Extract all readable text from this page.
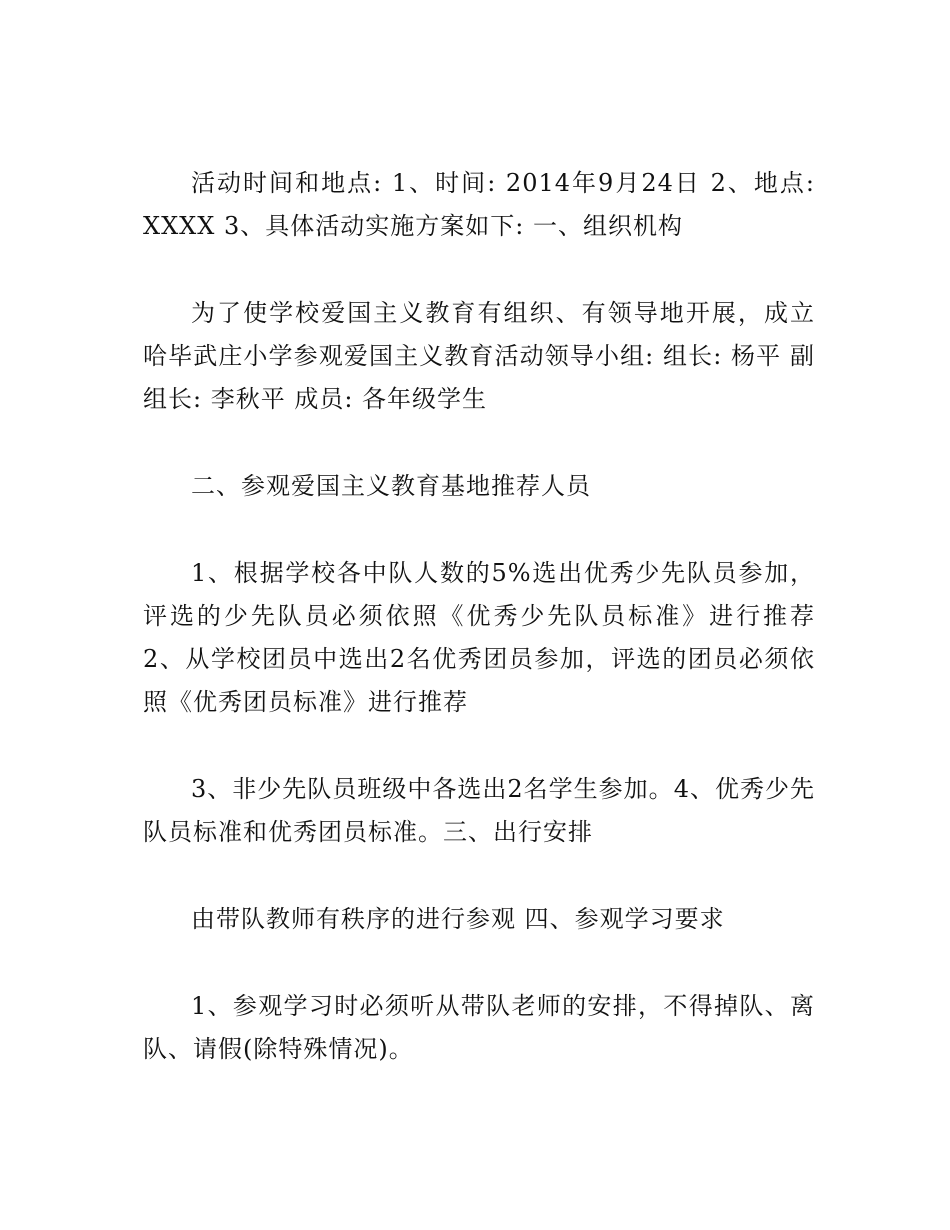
活动时间和地点: 1、时间: 2014年9月24日 2、地点: XXXX 3、具体活动实施方案如下: 一、组织机构

为了使学校爱国主义教育有组织、有领导地开展，成立哈毕武庄小学参观爱国主义教育活动领导小组: 组长: 杨平 副组长: 李秋平 成员: 各年级学生

二、参观爱国主义教育基地推荐人员

1、根据学校各中队人数的5%选出优秀少先队员参加，评选的少先队员必须依照《优秀少先队员标准》进行推荐 2、从学校团员中选出2名优秀团员参加，评选的团员必须依照《优秀团员标准》进行推荐

3、非少先队员班级中各选出2名学生参加。4、优秀少先队员标准和优秀团员标准。三、出行安排

由带队教师有秩序的进行参观 四、参观学习要求

1、参观学习时必须听从带队老师的安排，不得掉队、离队、请假(除特殊情况)。
